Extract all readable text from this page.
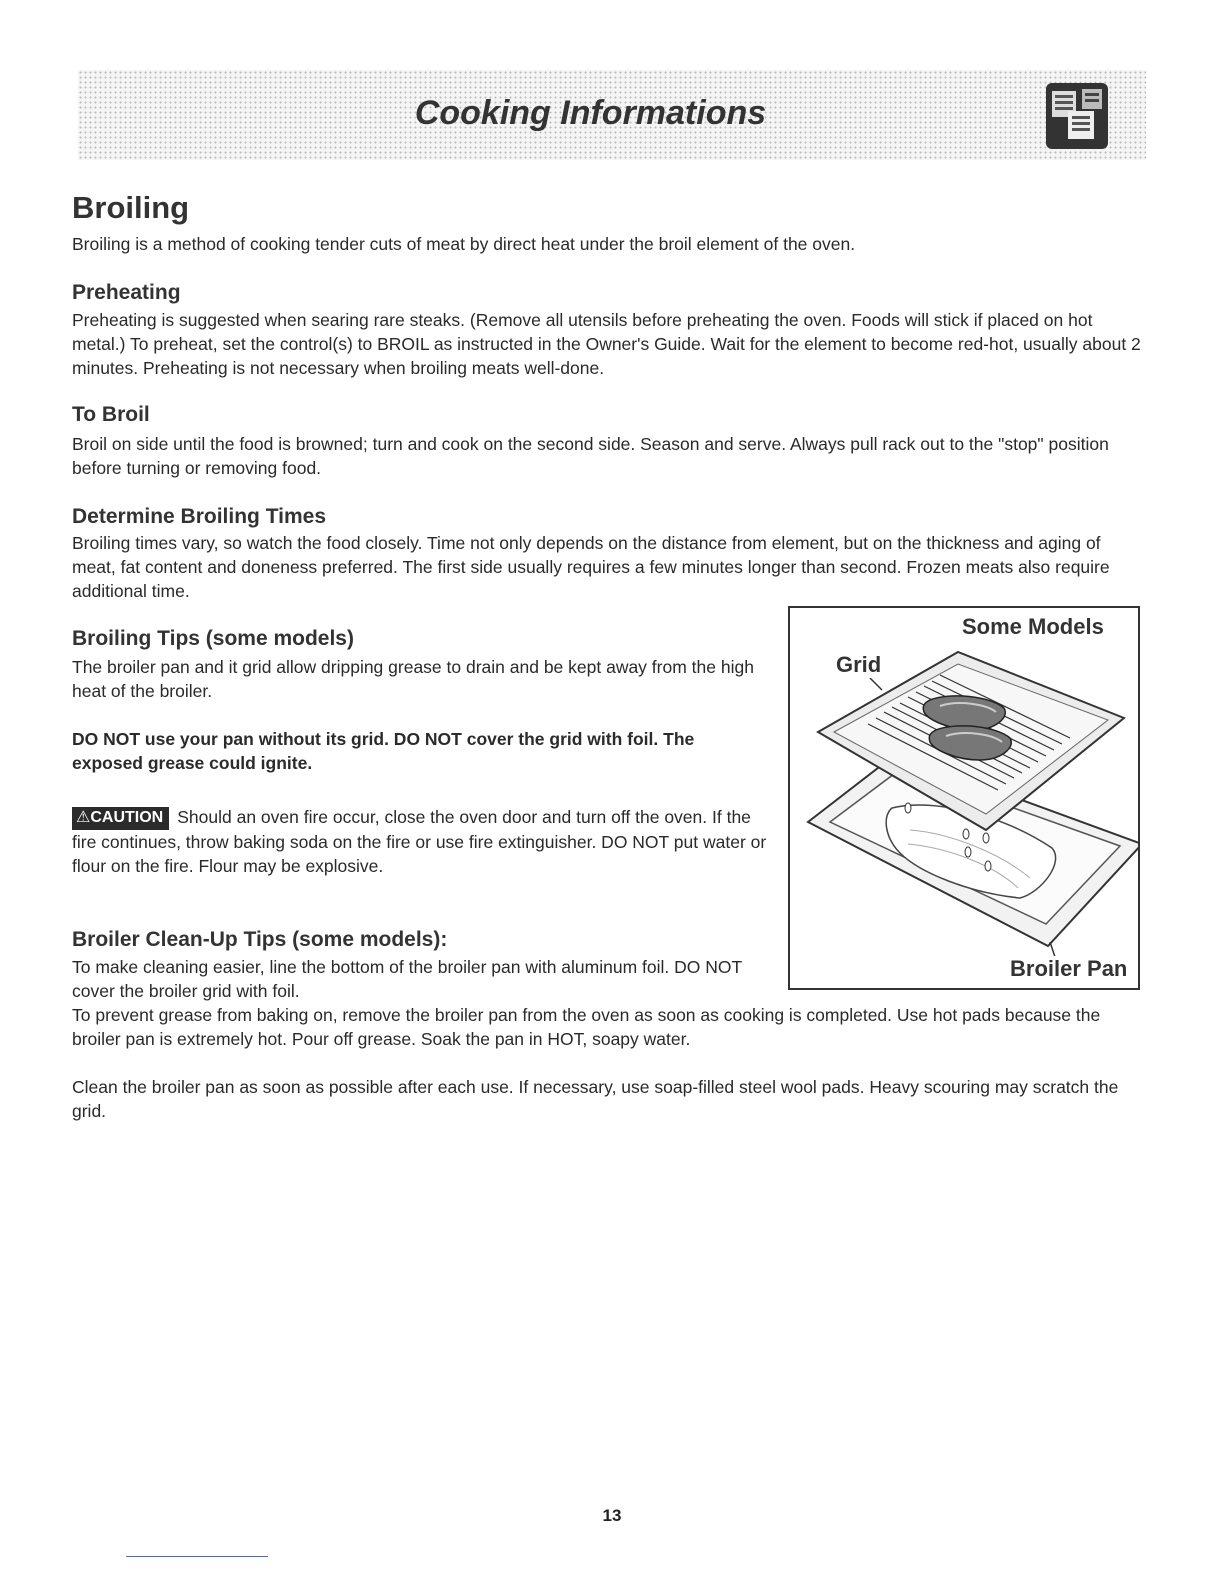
Cooking Informations
Broiling

Broiling is a method of cooking tender cuts of meat by direct heat under the broil element of the oven.

Preheating

Preheating is suggested when searing rare steaks. (Remove all utensils before preheating the oven. Foods will stick if placed on hot metal.) To preheat, set the control(s) to BROIL as instructed in the Owner's Guide. Wait for the element to become red-hot, usually about 2 minutes. Preheating is not necessary when broiling meats well-done.

To Broil

Broil on side until the food is browned; turn and cook on the second side. Season and serve. Always pull rack out to the "stop" position before turning or removing food.

Determine Broiling Times

Broiling times vary, so watch the food closely. Time not only depends on the distance from element, but on the thickness and aging of meat, fat content and doneness preferred. The first side usually requires a few minutes longer than second. Frozen meats also require additional time.

Broiling Tips (some models)

The broiler pan and it grid allow dripping grease to drain and be kept away from the high heat of the broiler.

DO NOT use your pan without its grid. DO NOT cover the grid with foil. The exposed grease could ignite.

⚠CAUTION Should an oven fire occur, close the oven door and turn off the oven. If the fire continues, throw baking soda on the fire or use fire extinguisher. DO NOT put water or flour on the fire. Flour may be explosive.

Broiler Clean-Up Tips (some models):

To make cleaning easier, line the bottom of the broiler pan with aluminum foil. DO NOT cover the broiler grid with foil.

To prevent grease from baking on, remove the broiler pan from the oven as soon as cooking is completed. Use hot pads because the broiler pan is extremely hot. Pour off grease. Soak the pan in HOT, soapy water.

Clean the broiler pan as soon as possible after each use. If necessary, use soap-filled steel wool pads. Heavy scouring may scratch the grid.

Some Models
Grid
Broiler Pan
13
